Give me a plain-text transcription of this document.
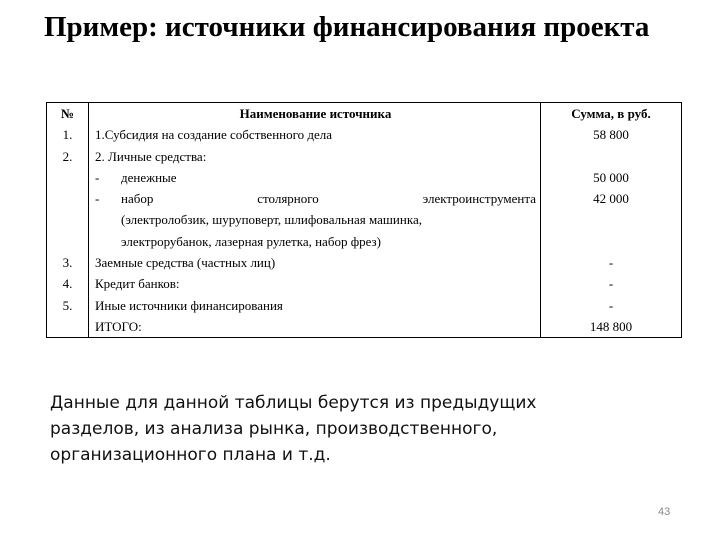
Пример: источники финансирования проекта
№
1.
2.
3.
4.
5.
Наименование источника
1.Субсидия на создание собственного дела
2. Личные средства:
-	денежные
-	набор столярного электроинструмента
(электролобзик, шуруповерт, шлифовальная машинка,
электрорубанок, лазерная рулетка, набор фрез)
Заемные средства (частных лиц)
Кредит банков:
Иные источники финансирования
ИТОГО:
Сумма, в руб.
58 800
50 000
42 000
-
-
-
148 800
Данные для данной таблицы берутся из предыдущих
разделов, из анализа рынка, производственного,
организационного плана и т.д.
43
